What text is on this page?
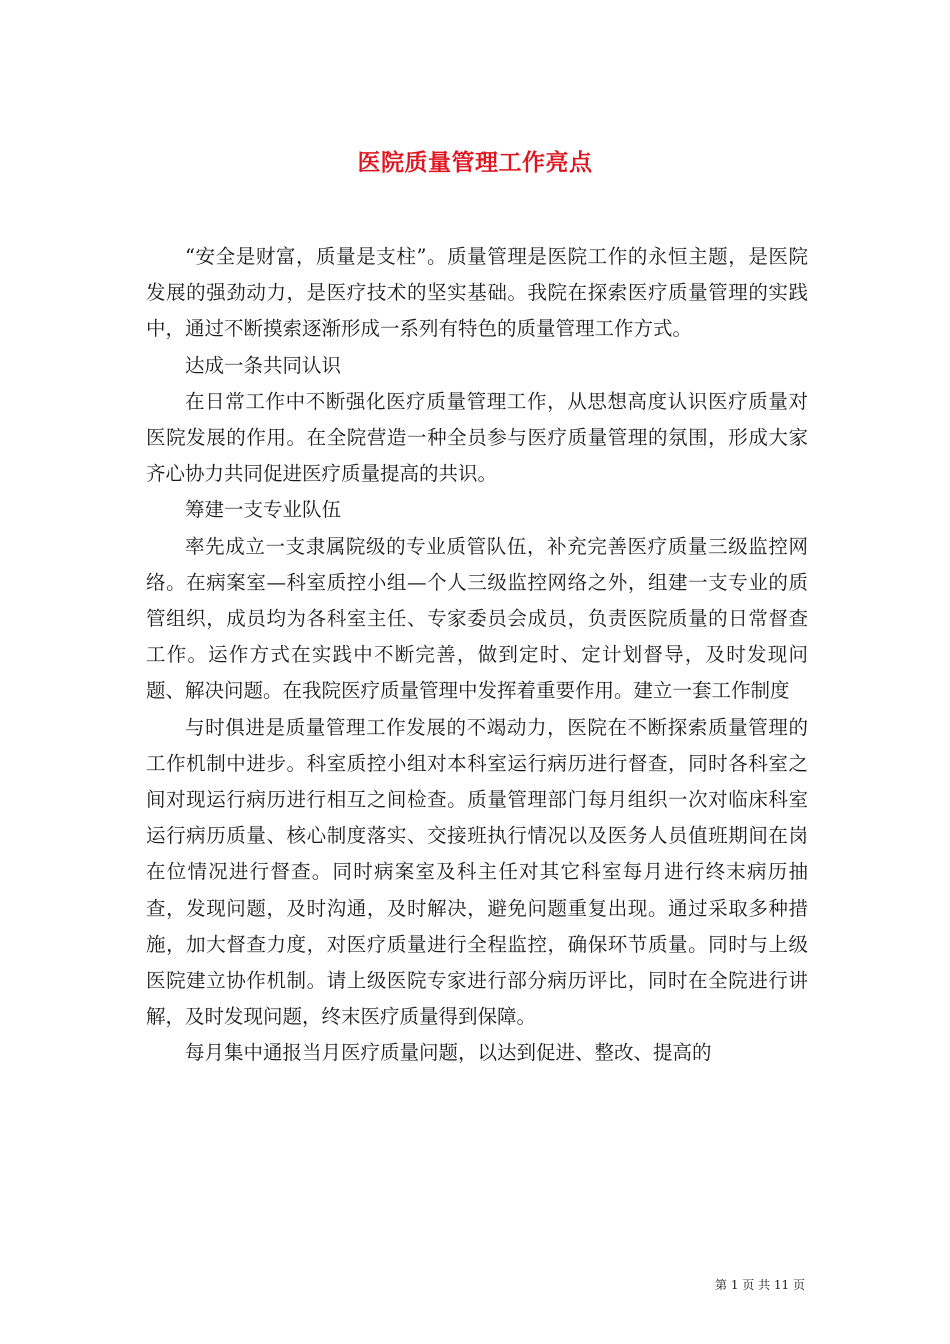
医院质量管理工作亮点

“安全是财富，质量是支柱”。质量管理是医院工作的永恒主题，是医院发展的强劲动力，是医疗技术的坚实基础。我院在探索医疗质量管理的实践中，通过不断摸索逐渐形成一系列有特色的质量管理工作方式。

达成一条共同认识

在日常工作中不断强化医疗质量管理工作，从思想高度认识医疗质量对医院发展的作用。在全院营造一种全员参与医疗质量管理的氛围，形成大家齐心协力共同促进医疗质量提高的共识。

筹建一支专业队伍

率先成立一支隶属院级的专业质管队伍，补充完善医疗质量三级监控网络。在病案室—科室质控小组—个人三级监控网络之外，组建一支专业的质管组织，成员均为各科室主任、专家委员会成员，负责医院质量的日常督查工作。运作方式在实践中不断完善，做到定时、定计划督导，及时发现问题、解决问题。在我院医疗质量管理中发挥着重要作用。建立一套工作制度

与时俱进是质量管理工作发展的不竭动力，医院在不断探索质量管理的工作机制中进步。科室质控小组对本科室运行病历进行督查，同时各科室之间对现运行病历进行相互之间检查。质量管理部门每月组织一次对临床科室运行病历质量、核心制度落实、交接班执行情况以及医务人员值班期间在岗在位情况进行督查。同时病案室及科主任对其它科室每月进行终末病历抽查，发现问题，及时沟通，及时解决，避免问题重复出现。通过采取多种措施，加大督查力度，对医疗质量进行全程监控，确保环节质量。同时与上级医院建立协作机制。请上级医院专家进行部分病历评比，同时在全院进行讲解，及时发现问题，终末医疗质量得到保障。

每月集中通报当月医疗质量问题，以达到促进、整改、提高的

第 1 页 共 11 页
